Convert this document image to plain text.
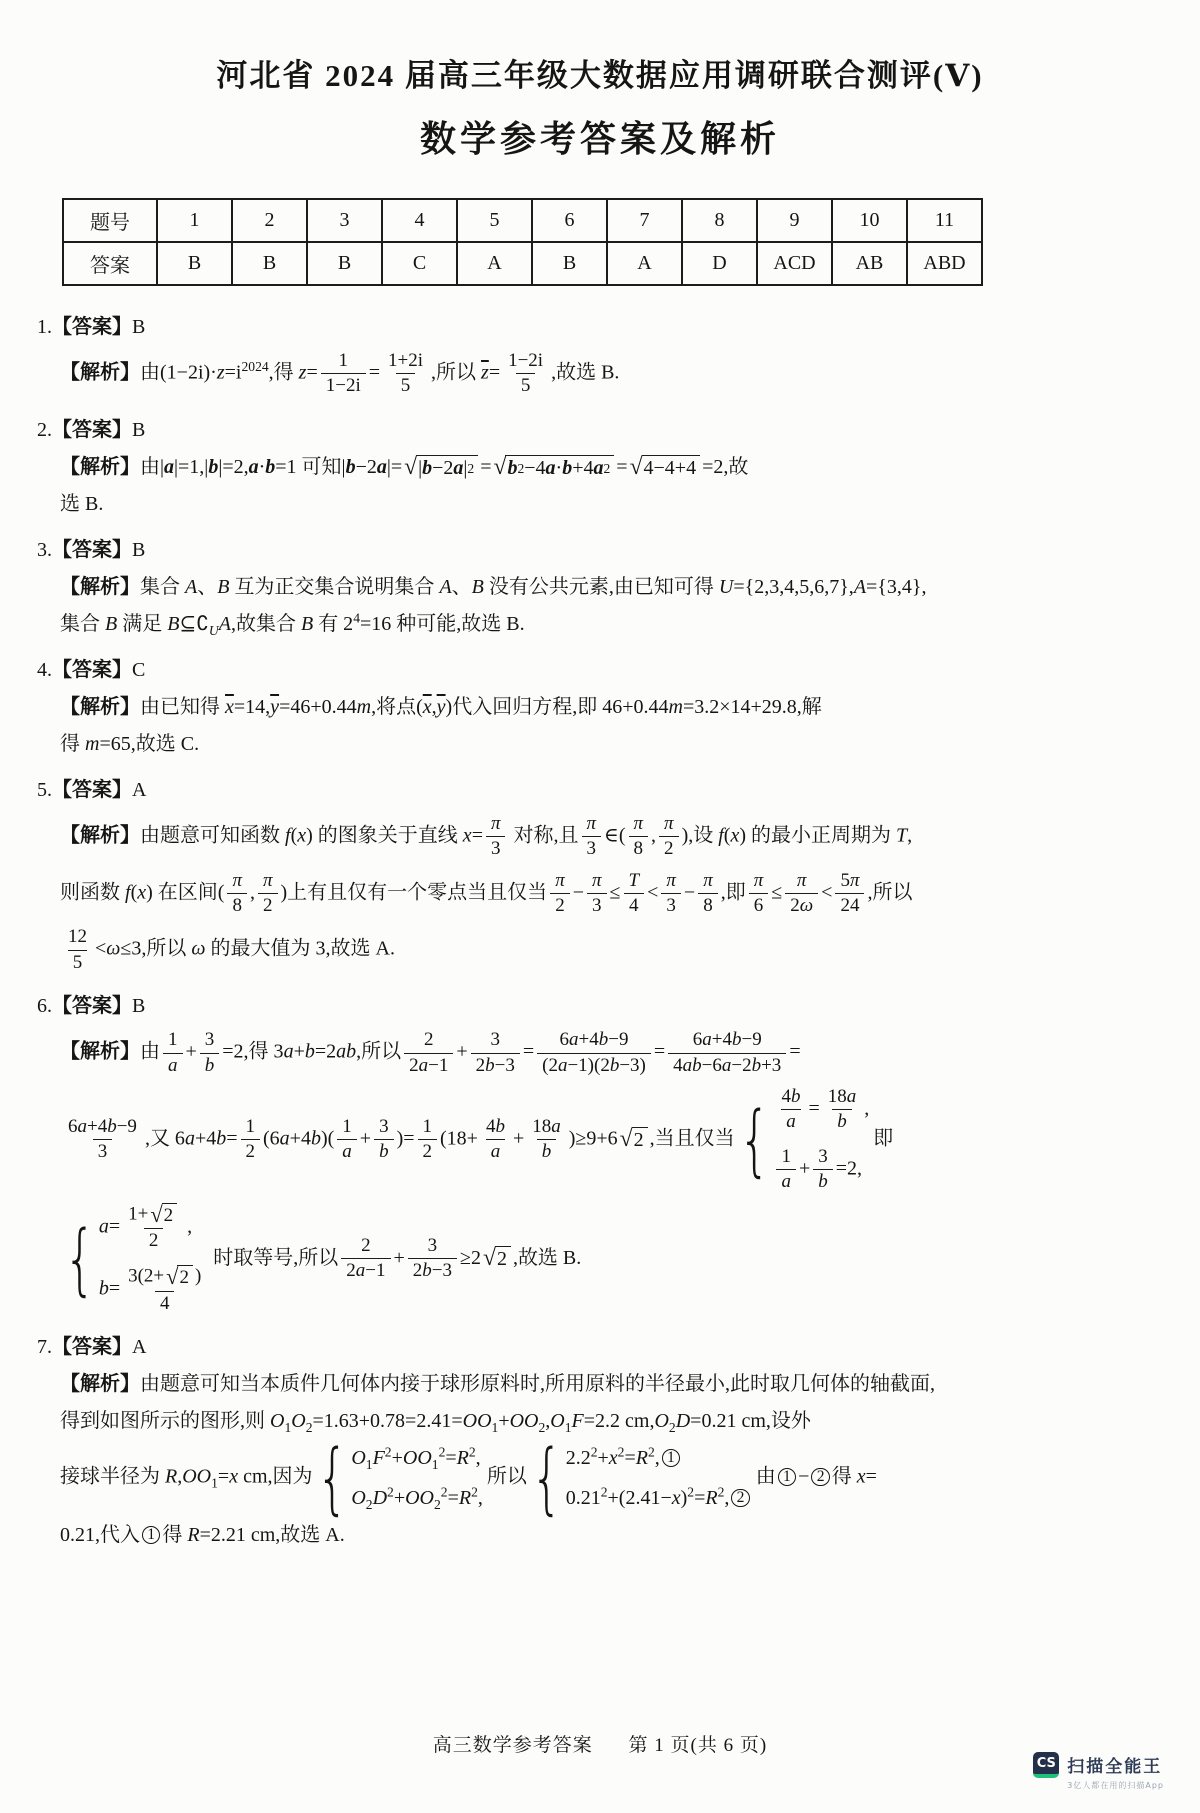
河北省 2024 届高三年级大数据应用调研联合测评(Ⅴ)
数学参考答案及解析
题号	1	2	3	4	5	6	7	8	9	10	11
答案	B	B	B	C	A	B	A	D	ACD	AB	ABD
1.【答案】B
【解析】由$(1-2i)\cdot z=i^{2024}$,得 $z= \frac{1}{1-2i} = \frac{1+2i}{5}$ ,所以 $\overline{z}= \frac{1-2i}{5}$ ,故选 B.
2.【答案】B
【解析】由|a|=1,|b|=2,a·b=1 可知|b−2a|= √ | b −2 a | 2 = √ b 2 −4 a · b +4 a 2 = √ 4−4+4 =2,故
选 B.
3.【答案】B
【解析】集合 A、B 互为正交集合说明集合 A、B 没有公共元素,由已知可得 U={2,3,4,5,6,7},A={3,4},
集合 B 满足 $B⊆∁_UA$,故集合 B 有 $2^4=16$ 种可能,故选 B.
4.【答案】C
【解析】由已知得 $\overline{x}=14,\overline{y}=46+0.44m$,将点$(\overline{x},\overline{y})$代入回归方程,即 46+0.44m=3.2×14+29.8,解
得 m=65,故选 C.
5.【答案】A
【解析】由题意可知函数 f(x) 的图象关于直线 $x= \frac{\pi}{3}$ 对称,且 $\frac{\pi}{3}$ ∈( $\frac{\pi}{8}$ , $\frac{\pi}{2}$ ),设 f(x) 的最小正周期为 T,
则函数 f(x) 在区间( $\frac{\pi}{8}$ , $\frac{\pi}{2}$ )上有且仅有一个零点当且仅当 $\frac{\pi}{2} - \frac{\pi}{3} \le \frac{T}{4} < \frac{\pi}{3} - \frac{\pi}{8}$ ,即 $\frac{\pi}{6} \le \frac{\pi}{2\omega} < \frac{5\pi}{24}$ ,所以
$\frac{12}{5} <\omega\le 3$,所以 ω 的最大值为 3,故选 A.
6.【答案】B
【解析】由 $\frac{1}{a} + \frac{3}{b} =2$,得 3a+b=2ab,所以 $\frac{2}{2a-1} + \frac{3}{2b-3} = \frac{6a+4b-9}{(2a-1)(2b-3)} = \frac{6a+4b-9}{4ab-6a-2b+3}$ =
$\frac{6a+4b-9}{3}$ ,又 $6a+4b= \frac{1}{2} (6a+4b)( \frac{1}{a} + \frac{3}{b}$ )= $\frac{1}{2} (18+ \frac{4b}{a} + \frac{18a}{b} )\ge 9+6$ √ 2 ,当且仅当 { $\frac{4b}{a} = \frac{18a}{b}$ ,
$\frac{1}{a} + \frac{3}{b} =2$,
即
{ $a= \frac{1+ √ 2}{2}$ ,
$b= \frac{3(2+ √ 2 )}{4}$
时取等号,所以 $\frac{2}{2a-1} + \frac{3}{2b-3} \ge 2$ √ 2 ,故选 B.
7.【答案】A
【解析】由题意可知当本质件几何体内接于球形原料时,所用原料的半径最小,此时取几何体的轴截面,
得到如图所示的图形,则 $O_1O_2=1.63+0.78=2.41=OO_1+OO_2,O_1F=2.2$ $cm,O_2D=0.21$ cm,设外
接球半径为 $R,OO_1=x$ cm,因为 { $O_1F^2+OO_1^2=R^2$,
$O_2D^2+OO_2^2=R^2$,
所以 { $2.2^2+x^2=R^2$, 1
$0.21^2+(2.41-x)^2=R^2$, 2
由 1 − 2 得 x=
0.21,代入 1 得 R=2.21 cm,故选 A.
高三数学参考答案 第 1 页(共 6 页)
CS 扫描全能王
3亿人都在用的扫描App
